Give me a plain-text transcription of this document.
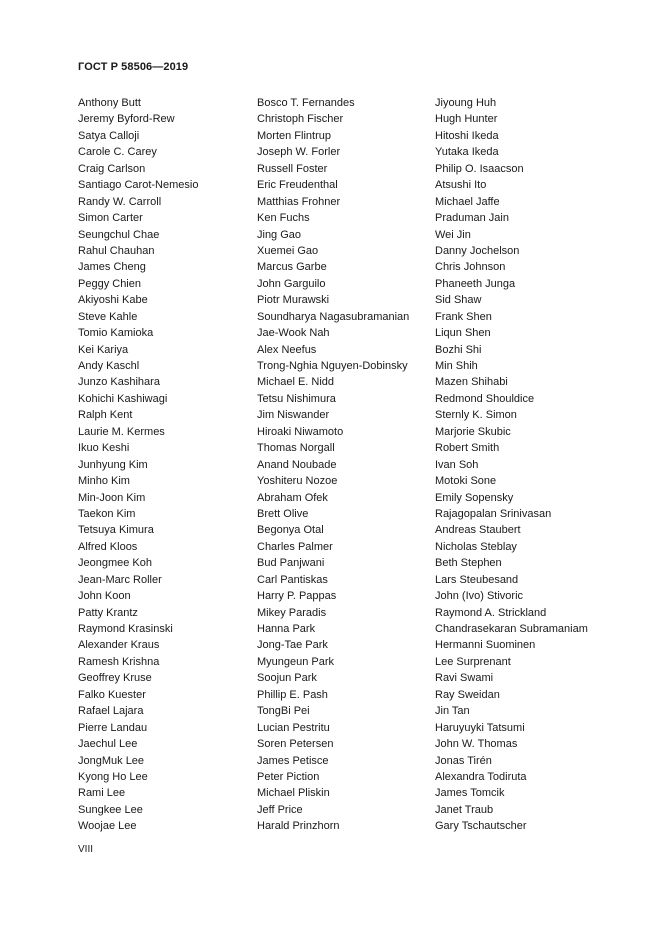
ГОСТ Р 58506—2019
Anthony Butt
Jeremy Byford-Rew
Satya Calloji
Carole C. Carey
Craig Carlson
Santiago Carot-Nemesio
Randy W. Carroll
Simon Carter
Seungchul Chae
Rahul Chauhan
James Cheng
Peggy Chien
Akiyoshi Kabe
Steve Kahle
Tomio Kamioka
Kei Kariya
Andy Kaschl
Junzo Kashihara
Kohichi Kashiwagi
Ralph Kent
Laurie M. Kermes
Ikuo Keshi
Junhyung Kim
Minho Kim
Min-Joon Kim
Taekon Kim
Tetsuya Kimura
Alfred Kloos
Jeongmee Koh
Jean-Marc Roller
John Koon
Patty Krantz
Raymond Krasinski
Alexander Kraus
Ramesh Krishna
Geoffrey Kruse
Falko Kuester
Rafael Lajara
Pierre Landau
Jaechul Lee
JongMuk Lee
Kyong Ho Lee
Rami Lee
Sungkee Lee
Woojae Lee
Bosco T. Fernandes
Christoph Fischer
Morten Flintrup
Joseph W. Forler
Russell Foster
Eric Freudenthal
Matthias Frohner
Ken Fuchs
Jing Gao
Xuemei Gao
Marcus Garbe
John Garguilo
Piotr Murawski
Soundharya Nagasubramanian
Jae-Wook Nah
Alex Neefus
Trong-Nghia Nguyen-Dobinsky
Michael E. Nidd
Tetsu Nishimura
Jim Niswander
Hiroaki Niwamoto
Thomas Norgall
Anand Noubade
Yoshiteru Nozoe
Abraham Ofek
Brett Olive
Begonya Otal
Charles Palmer
Bud Panjwani
Carl Pantiskas
Harry P. Pappas
Mikey Paradis
Hanna Park
Jong-Tae Park
Myungeun Park
Soojun Park
Phillip E. Pash
TongBi Pei
Lucian Pestritu
Soren Petersen
James Petisce
Peter Piction
Michael Pliskin
Jeff Price
Harald Prinzhorn
Jiyoung Huh
Hugh Hunter
Hitoshi Ikeda
Yutaka Ikeda
Philip O. Isaacson
Atsushi Ito
Michael Jaffe
Praduman Jain
Wei Jin
Danny Jochelson
Chris Johnson
Phaneeth Junga
Sid Shaw
Frank Shen
Liqun Shen
Bozhi Shi
Min Shih
Mazen Shihabi
Redmond Shouldice
Sternly K. Simon
Marjorie Skubic
Robert Smith
Ivan Soh
Motoki Sone
Emily Sopensky
Rajagopalan Srinivasan
Andreas Staubert
Nicholas Steblay
Beth Stephen
Lars Steubesand
John (Ivo) Stivoric
Raymond A. Strickland
Chandrasekaran Subramaniam
Hermanni Suominen
Lee Surprenant
Ravi Swami
Ray Sweidan
Jin Tan
Haruyuyki Tatsumi
John W. Thomas
Jonas Tirén
Alexandra Todiruta
James Tomcik
Janet Traub
Gary Tschautscher
VIII
